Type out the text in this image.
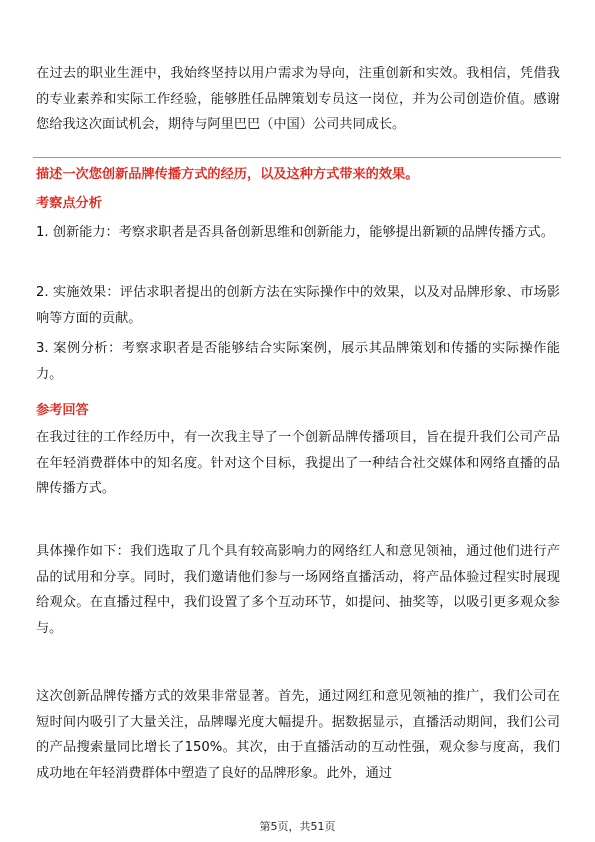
在过去的职业生涯中，我始终坚持以用户需求为导向，注重创新和实效。我相信，凭借我的专业素养和实际工作经验，能够胜任品牌策划专员这一岗位，并为公司创造价值。感谢您给我这次面试机会，期待与阿里巴巴（中国）公司共同成长。

描述一次您创新品牌传播方式的经历，以及这种方式带来的效果。
考察点分析

1. 创新能力：考察求职者是否具备创新思维和创新能力，能够提出新颖的品牌传播方式。

2. 实施效果：评估求职者提出的创新方法在实际操作中的效果，以及对品牌形象、市场影响等方面的贡献。

3. 案例分析：考察求职者是否能够结合实际案例，展示其品牌策划和传播的实际操作能力。

参考回答

在我过往的工作经历中，有一次我主导了一个创新品牌传播项目，旨在提升我们公司产品在年轻消费群体中的知名度。针对这个目标，我提出了一种结合社交媒体和网络直播的品牌传播方式。

具体操作如下：我们选取了几个具有较高影响力的网络红人和意见领袖，通过他们进行产品的试用和分享。同时，我们邀请他们参与一场网络直播活动，将产品体验过程实时展现给观众。在直播过程中，我们设置了多个互动环节，如提问、抽奖等，以吸引更多观众参与。

这次创新品牌传播方式的效果非常显著。首先，通过网红和意见领袖的推广，我们公司在短时间内吸引了大量关注，品牌曝光度大幅提升。据数据显示，直播活动期间，我们公司的产品搜索量同比增长了150%。其次，由于直播活动的互动性强，观众参与度高，我们成功地在年轻消费群体中塑造了良好的品牌形象。此外，通过

第5页，共51页
